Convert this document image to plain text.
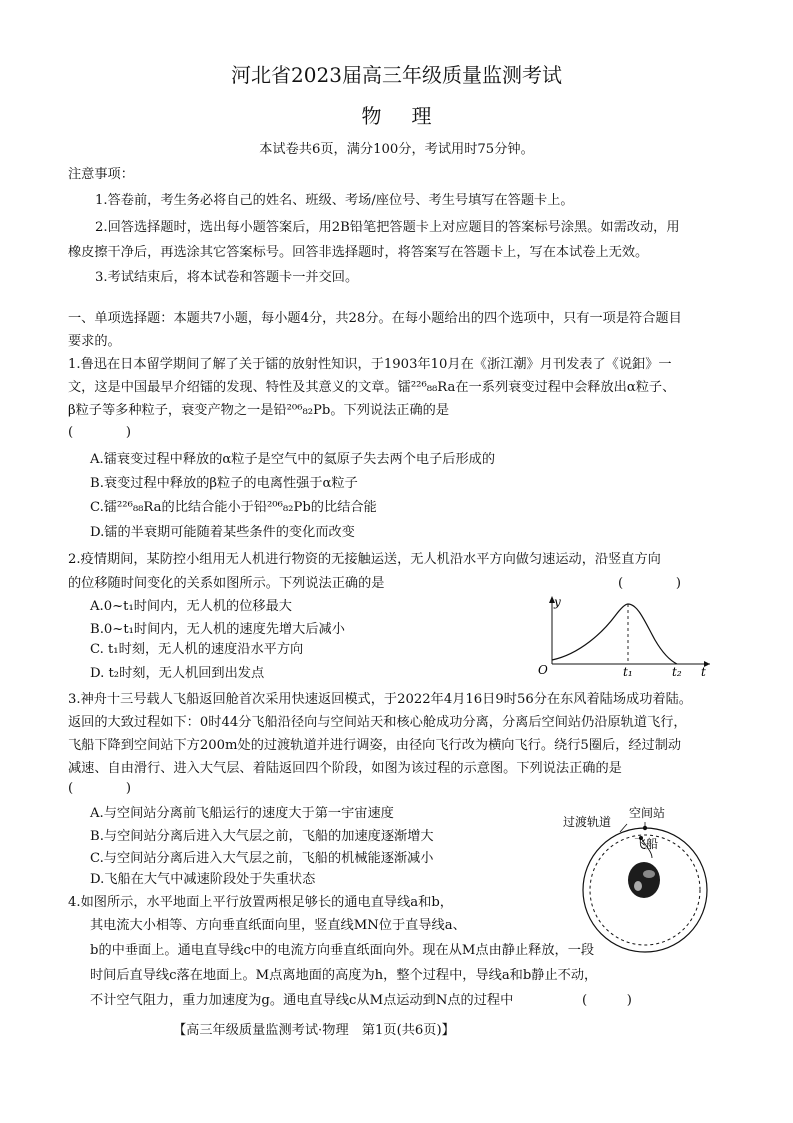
河北省2023届高三年级质量监测考试
物理
本试卷共6页，满分100分，考试用时75分钟。
注意事项：
1.答卷前，考生务必将自己的姓名、班级、考场/座位号、考生号填写在答题卡上。
2.回答选择题时，选出每小题答案后，用2B铅笔把答题卡上对应题目的答案标号涂黑。如需改动，用
橡皮擦干净后，再选涂其它答案标号。回答非选择题时，将答案写在答题卡上，写在本试卷上无效。
3.考试结束后，将本试卷和答题卡一并交回。
一、单项选择题：本题共7小题，每小题4分，共28分。在每小题给出的四个选项中，只有一项是符合题目
要求的。
1.鲁迅在日本留学期间了解了关于镭的放射性知识，于1903年10月在《浙江潮》月刊发表了《说鈤》一
文，这是中国最早介绍镭的发现、特性及其意义的文章。镭²²⁶₈₈Ra在一系列衰变过程中会释放出α粒子、
β粒子等多种粒子，衰变产物之一是铅²⁰⁶₈₂Pb。下列说法正确的是
(　　　　)
A.镭衰变过程中释放的α粒子是空气中的氦原子失去两个电子后形成的
B.衰变过程中释放的β粒子的电离性强于α粒子
C.镭²²⁶₈₈Ra的比结合能小于铅²⁰⁶₈₂Pb的比结合能
D.镭的半衰期可能随着某些条件的变化而改变
2.疫情期间，某防控小组用无人机进行物资的无接触运送，无人机沿水平方向做匀速运动，沿竖直方向
的位移随时间变化的关系如图所示。下列说法正确的是	(　　　　)
A.0~t₁时间内，无人机的位移最大
B.0~t₁时间内，无人机的速度先增大后减小
C. t₁时刻，无人机的速度沿水平方向
D. t₂时刻，无人机回到出发点
y
O	t₁	t₂ t
3.神舟十三号载人飞船返回舱首次采用快速返回模式，于2022年4月16日9时56分在东风着陆场成功着陆。
返回的大致过程如下：0时44分飞船沿径向与空间站天和核心舱成功分离，分离后空间站仍沿原轨道飞行，
飞船下降到空间站下方200m处的过渡轨道并进行调姿，由径向飞行改为横向飞行。绕行5圈后，经过制动
减速、自由滑行、进入大气层、着陆返回四个阶段，如图为该过程的示意图。下列说法正确的是
(　　　　)
A.与空间站分离前飞船运行的速度大于第一宇宙速度
B.与空间站分离后进入大气层之前，飞船的加速度逐渐增大
C.与空间站分离后进入大气层之前，飞船的机械能逐渐减小
D.飞船在大气中减速阶段处于失重状态
过渡轨道
空间站
飞船
4.如图所示，水平地面上平行放置两根足够长的通电直导线a和b，
其电流大小相等、方向垂直纸面向里，竖直线MN位于直导线a、
b的中垂面上。通电直导线c中的电流方向垂直纸面向外。现在从M点由静止释放，一段
时间后直导线c落在地面上。M点离地面的高度为h，整个过程中，导线a和b静止不动，
不计空气阻力，重力加速度为g。通电直导线c从M点运动到N点的过程中	(　　　)
【高三年级质量监测考试·物理　第1页(共6页)】
